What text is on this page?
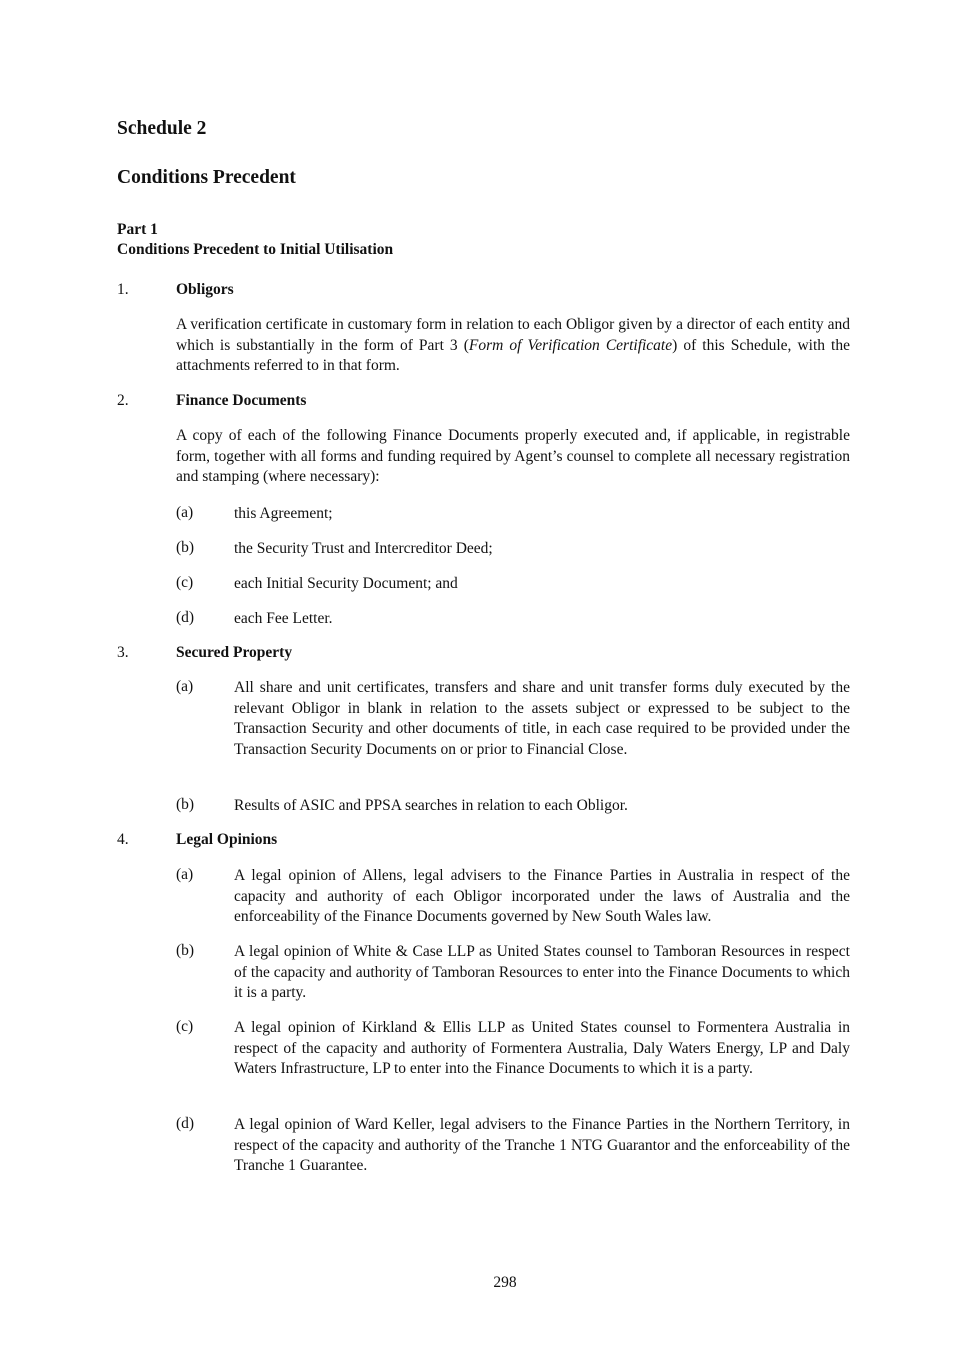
Schedule 2
Conditions Precedent
Part 1
Conditions Precedent to Initial Utilisation
1.	Obligors
A verification certificate in customary form in relation to each Obligor given by a director of each entity and which is substantially in the form of Part 3 (Form of Verification Certificate) of this Schedule, with the attachments referred to in that form.
2.	Finance Documents
A copy of each of the following Finance Documents properly executed and, if applicable, in registrable form, together with all forms and funding required by Agent’s counsel to complete all necessary registration and stamping (where necessary):
(a)	this Agreement;
(b)	the Security Trust and Intercreditor Deed;
(c)	each Initial Security Document; and
(d)	each Fee Letter.
3.	Secured Property
(a)	All share and unit certificates, transfers and share and unit transfer forms duly executed by the relevant Obligor in blank in relation to the assets subject or expressed to be subject to the Transaction Security and other documents of title, in each case required to be provided under the Transaction Security Documents on or prior to Financial Close.
(b)	Results of ASIC and PPSA searches in relation to each Obligor.
4.	Legal Opinions
(a)	A legal opinion of Allens, legal advisers to the Finance Parties in Australia in respect of the capacity and authority of each Obligor incorporated under the laws of Australia and the enforceability of the Finance Documents governed by New South Wales law.
(b)	A legal opinion of White & Case LLP as United States counsel to Tamboran Resources in respect of the capacity and authority of Tamboran Resources to enter into the Finance Documents to which it is a party.
(c)	A legal opinion of Kirkland & Ellis LLP as United States counsel to Formentera Australia in respect of the capacity and authority of Formentera Australia, Daly Waters Energy, LP and Daly Waters Infrastructure, LP to enter into the Finance Documents to which it is a party.
(d)	A legal opinion of Ward Keller, legal advisers to the Finance Parties in the Northern Territory, in respect of the capacity and authority of the Tranche 1 NTG Guarantor and the enforceability of the Tranche 1 Guarantee.
298
